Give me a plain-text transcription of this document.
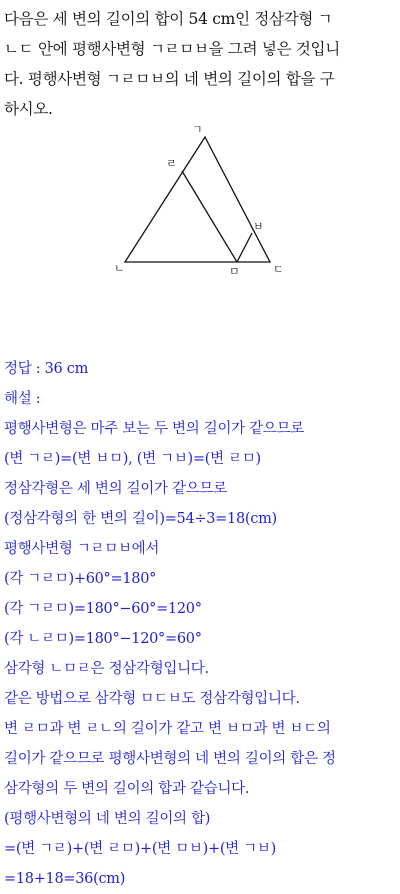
다음은 세 변의 길이의 합이 54 cm인 정삼각형 ㄱ
ㄴㄷ 안에 평행사변형 ㄱㄹㅁㅂ을 그려 넣은 것입니
다. 평행사변형 ㄱㄹㅁㅂ의 네 변의 길이의 합을 구
하시오.
ㄱ
ㄹ
ㅂ
ㄴ	ㅁ	ㄷ
정답 : 36 cm
해설 :
평행사변형은 마주 보는 두 변의 길이가 같으므로
(변 ㄱㄹ)=(변 ㅂㅁ), (변 ㄱㅂ)=(변 ㄹㅁ)
정삼각형은 세 변의 길이가 같으므로
(정삼각형의 한 변의 길이)=54÷3=18(cm)
평행사변형 ㄱㄹㅁㅂ에서
(각 ㄱㄹㅁ)+60°=180°
(각 ㄱㄹㅁ)=180°−60°=120°
(각 ㄴㄹㅁ)=180°−120°=60°
삼각형 ㄴㅁㄹ은 정삼각형입니다.
같은 방법으로 삼각형 ㅁㄷㅂ도 정삼각형입니다.
변 ㄹㅁ과 변 ㄹㄴ의 길이가 같고 변 ㅂㅁ과 변 ㅂㄷ의
길이가 같으므로 평행사변형의 네 변의 길이의 합은 정
삼각형의 두 변의 길이의 합과 같습니다.
(평행사변형의 네 변의 길이의 합)
=(변 ㄱㄹ)+(변 ㄹㅁ)+(변 ㅁㅂ)+(변 ㄱㅂ)
=18+18=36(cm)
